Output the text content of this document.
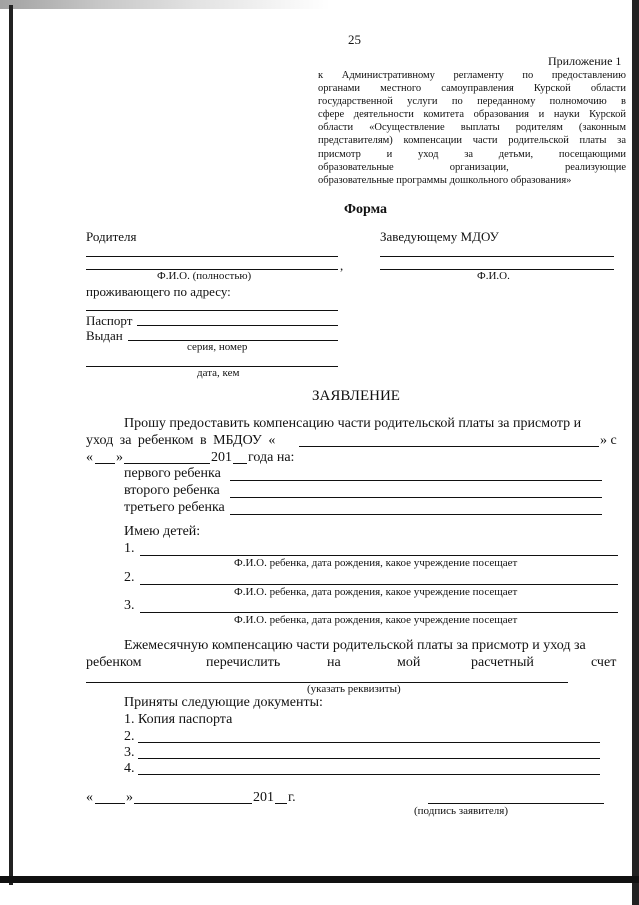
25
Приложение 1
к Административному регламенту по предоставлению
органами местного самоуправления Курской области
государственной услуги по переданному полномочию в
сфере деятельности комитета образования и науки Курской
области «Осуществление выплаты родителям (законным
представителям) компенсации части родительской платы за
присмотр и уход за детьми, посещающими
образовательные организации, реализующие
образовательные программы дошкольного образования»
Форма
Родителя	Заведующему МДОУ
,
Ф.И.О. (полностью)	Ф.И.О.
проживающего по адресу:
Паспорт
Выдан
серия, номер
дата, кем
ЗАЯВЛЕНИЕ
Прошу предоставить компенсацию части родительской платы за присмотр и
уход за ребенком в МБДОУ «	» с
« »	201 года на:
первого ребенка
второго ребенка
третьего ребенка
Имею детей:
1.
Ф.И.О. ребенка, дата рождения, какое учреждение посещает
2.
Ф.И.О. ребенка, дата рождения, какое учреждение посещает
3.
Ф.И.О. ребенка, дата рождения, какое учреждение посещает
Ежемесячную компенсацию части родительской платы за присмотр и уход за
ребенком	перечислить	на	мой	расчетный	счет
(указать реквизиты)
Приняты следующие документы:
1. Копия паспорта
2.
3.
4.
« »	201 г.
(подпись заявителя)
